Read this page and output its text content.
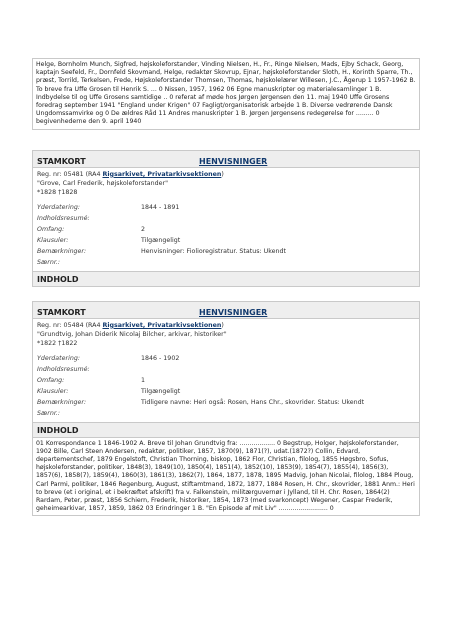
Helge, Bornholm Munch, Sigfred, højskoleforstander, Vinding Nielsen, H., Fr., Ringe Nielsen, Mads, Ejby Schack, Georg, kaptajn Seefeld, Fr., Dornfeld Skovmand, Helge, redaktør Skovrup, Ejnar, højskoleforstander Sloth, H., Korinth Sparre, Th., præst, Torrild, Terkelsen, Frede, Højskoleforstander Thomsen, Thomas, højskolelærer Willesen, J.C., Ågerup 1 1957-1962 B. To breve fra Uffe Grosen til Henrik S. ... 0 Nissen, 1957, 1962 06 Egne manuskripter og materialesamlinger 1 B. Indbydelse til og Uffe Grosens samtidige .. 0 referat af møde hos Jørgen Jørgensen den 11. maj 1940 Uffe Grosens foredrag september 1941 "England under Krigen" 07 Fagligt/organisatorisk arbejde 1 B. Diverse vedrørende Dansk Ungdomssamvirke og 0 De ældres Råd 11 Andres manuskripter 1 B. Jørgen Jørgensens redegørelse for ......... 0 begivenhederne den 9. april 1940
STAMKORT	HENVISNINGER
Reg. nr: 05481 (RA4 Rigsarkivet, Privatarkivsektionen)
"Grove, Carl Frederik, højskoleforstander"
*1828 †1828
Yderdatering:	1844 - 1891
Indholdsresumé:
Omfang:	2
Klausuler:	Tilgængeligt
Bemærkninger:	Henvisninger: Fiolioregistratur. Status: Ukendt
Særnr.:
INDHOLD
STAMKORT	HENVISNINGER
Reg. nr: 05484 (RA4 Rigsarkivet, Privatarkivsektionen)
"Grundtvig, Johan Diderik Nicolaj Bilcher, arkivar, historiker"
*1822 †1822
Yderdatering:	1846 - 1902
Indholdsresumé:
Omfang:	1
Klausuler:	Tilgængeligt
Bemærkninger:	Tidligere navne: Heri også: Rosen, Hans Chr., skovrider. Status: Ukendt
Særnr.:
INDHOLD
01 Korrespondance 1 1846-1902 A. Breve til Johan Grundtvig fra: .................. 0 Begstrup, Holger, højskoleforstander, 1902 Bille, Carl Steen Andersen, redaktør, politiker, 1857, 1870(9), 1871(?), udat.(1872?) Collin, Edvard, departementschef, 1879 Engelstoft, Christian Thorning, biskop, 1862 Flor, Christian, filolog, 1855 Høgsbro, Sofus, højskoleforstander, politiker, 1848(3), 1849(10), 1850(4), 1851(4), 1852(10), 1853(9), 1854(7), 1855(4), 1856(3), 1857(6), 1858(7), 1859(4), 1860(3), 1861(3), 1862(7), 1864, 1877, 1878, 1895 Madvig, Johan Nicolai, filolog, 1884 Ploug, Carl Parmi, politiker, 1846 Regenburg, August, stiftamtmand, 1872, 1877, 1884 Rosen, H. Chr., skovrider, 1881 Anm.: Heri to breve (et i original, et i bekræftet afskrift) fra v. Falkenstein, militærguvernør i Jylland, til H. Chr. Rosen, 1864(2) Rardam, Peter, præst, 1856 Schiern, Frederik, historiker, 1854, 1873 (med svarkoncept) Wegener, Caspar Frederik, geheimearkivar, 1857, 1859, 1862 03 Erindringer 1 B. "En Episode af mit Liv" ......................... 0
